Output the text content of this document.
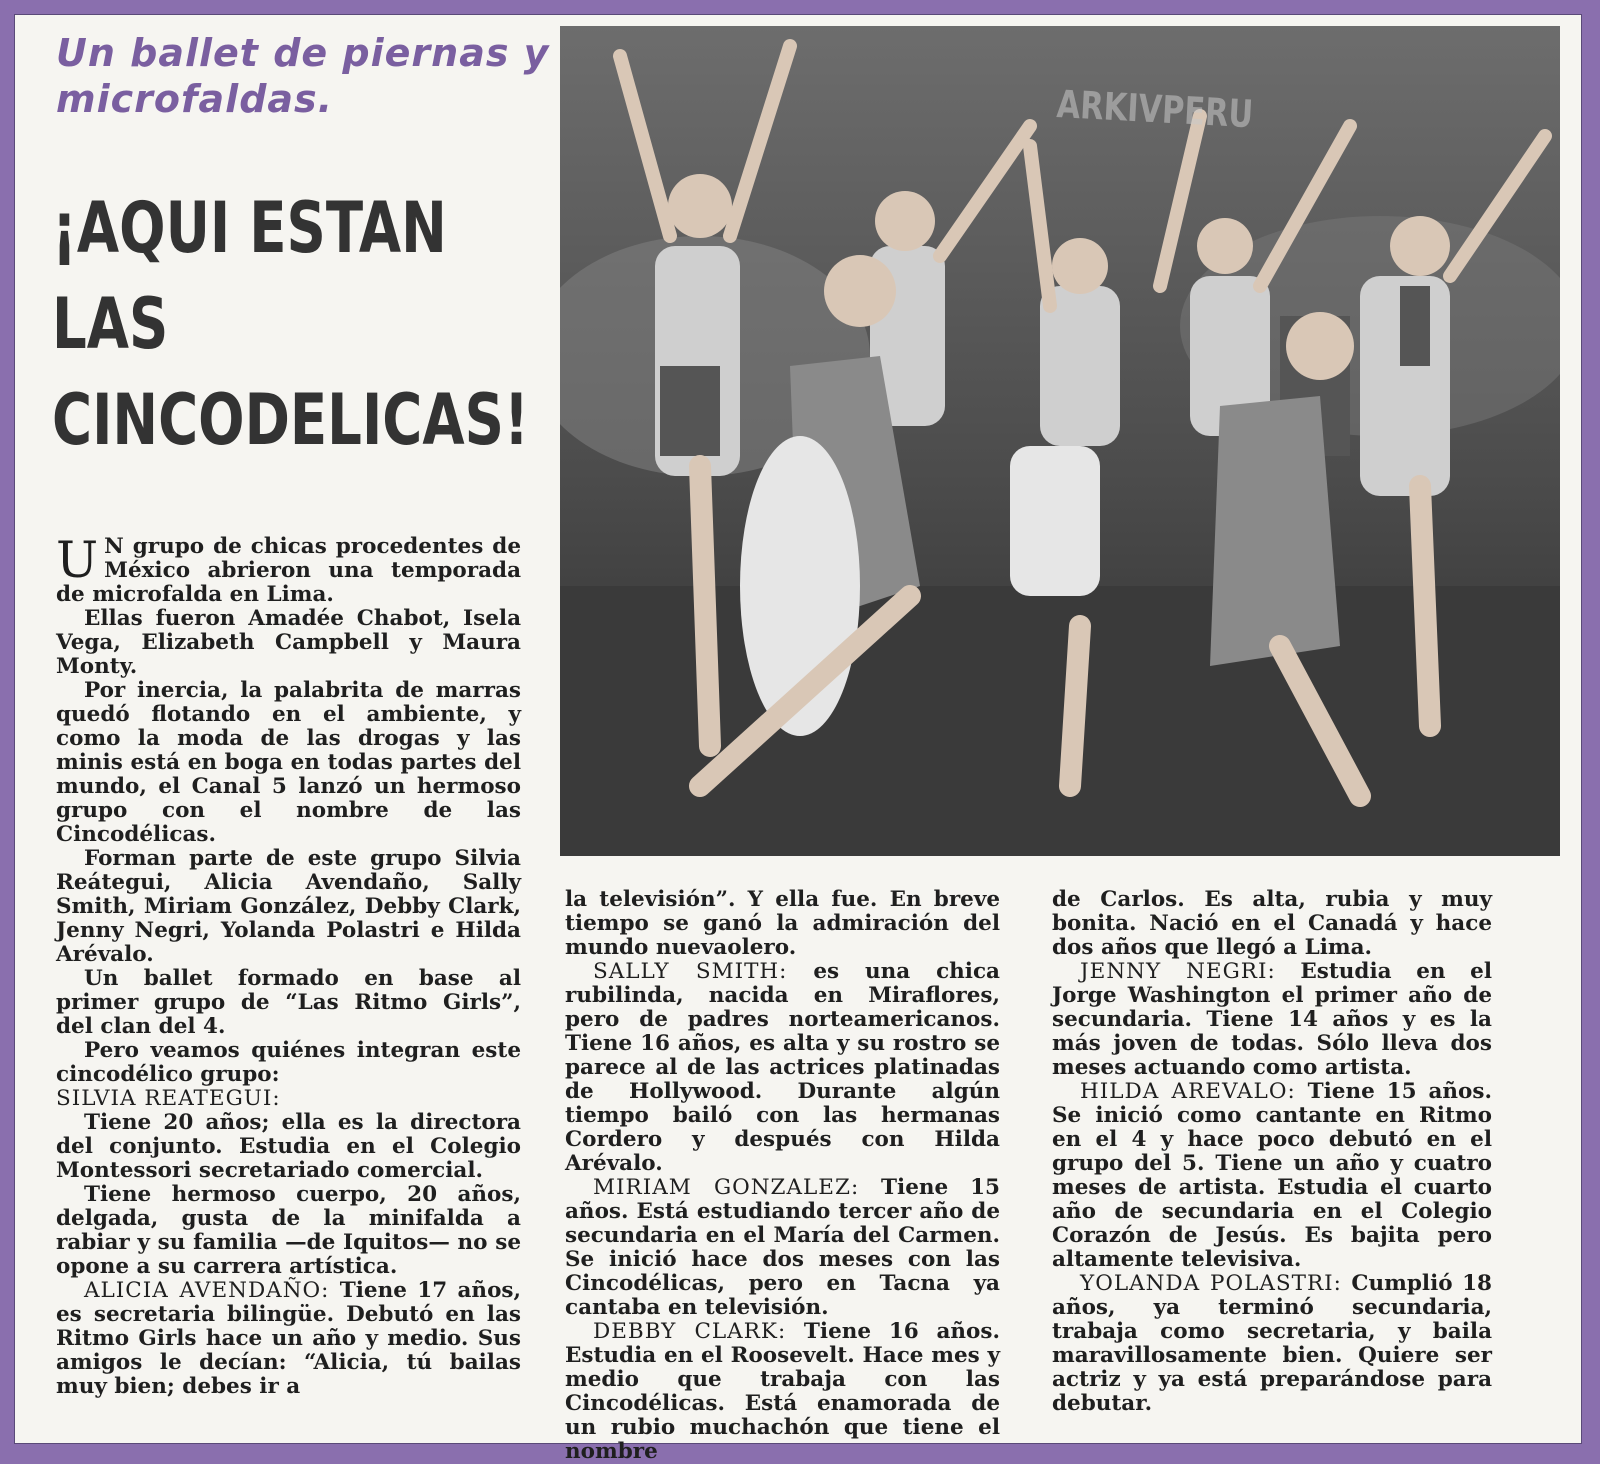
Un ballet de piernas y microfaldas.
¡AQUI ESTAN
LAS
CINCODELICAS!
ARKIVPERU

U N grupo de chicas procedentes de México abrieron una temporada de microfalda en Lima.

Ellas fueron Amadée Chabot, Isela Vega, Elizabeth Campbell y Maura Monty.

Por inercia, la palabrita de marras quedó flotando en el ambiente, y como la moda de las drogas y las minis está en boga en todas partes del mundo, el Canal 5 lanzó un hermoso grupo con el nombre de las Cincodélicas.

Forman parte de este grupo Silvia Reátegui, Alicia Avendaño, Sally Smith, Miriam González, Debby Clark, Jenny Negri, Yolanda Polastri e Hilda Arévalo.

Un ballet formado en base al primer grupo de “Las Ritmo Girls”, del clan del 4.

Pero veamos quiénes integran este cincodélico grupo:

SILVIA REATEGUI:

Tiene 20 años; ella es la directora del conjunto. Estudia en el Colegio Montessori secretariado comercial.

Tiene hermoso cuerpo, 20 años, delgada, gusta de la minifalda a rabiar y su familia —de Iquitos— no se opone a su carrera artística.

ALICIA AVENDAÑO: Tiene 17 años, es secretaria bilingüe. Debutó en las Ritmo Girls hace un año y medio. Sus amigos le decían: “Alicia, tú bailas muy bien; debes ir a

la televisión”. Y ella fue. En breve tiempo se ganó la admiración del mundo nuevaolero.

SALLY SMITH: es una chica rubilinda, nacida en Miraflores, pero de padres norteamericanos. Tiene 16 años, es alta y su rostro se parece al de las actrices platinadas de Hollywood. Durante algún tiempo bailó con las hermanas Cordero y después con Hilda Arévalo.

MIRIAM GONZALEZ: Tiene 15 años. Está estudiando tercer año de secundaria en el María del Carmen. Se inició hace dos meses con las Cincodélicas, pero en Tacna ya cantaba en televisión.

DEBBY CLARK: Tiene 16 años. Estudia en el Roosevelt. Hace mes y medio que trabaja con las Cincodélicas. Está enamorada de un rubio muchachón que tiene el nombre

de Carlos. Es alta, rubia y muy bonita. Nació en el Canadá y hace dos años que llegó a Lima.

JENNY NEGRI: Estudia en el Jorge Washington el primer año de secundaria. Tiene 14 años y es la más joven de todas. Sólo lleva dos meses actuando como artista.

HILDA AREVALO: Tiene 15 años. Se inició como cantante en Ritmo en el 4 y hace poco debutó en el grupo del 5. Tiene un año y cuatro meses de artista. Estudia el cuarto año de secundaria en el Colegio Corazón de Jesús. Es bajita pero altamente televisiva.

YOLANDA POLASTRI: Cumplió 18 años, ya terminó secundaria, trabaja como secretaria, y baila maravillosamente bien. Quiere ser actriz y ya está preparándose para debutar.
